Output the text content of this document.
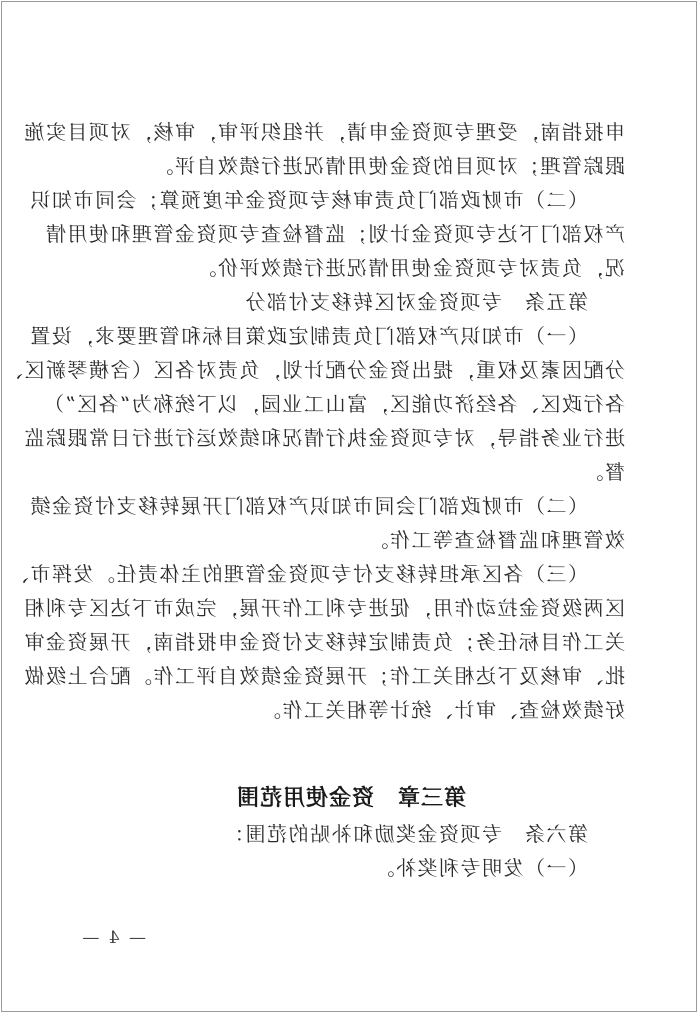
申报指南，受理专项资金申请，并组织评审，审核，对项目实施
跟踪管理；对项目的资金使用情况进行绩效自评。
（二）市财政部门负责审核专项资金年度预算；会同市知识
产权部门下达专项资金计划；监督检查专项资金管理和使用情
况，负责对专项资金使用情况进行绩效评价。
第五条　专项资金对区转移支付部分
（一）市知识产权部门负责制定政策目标和管理要求，设置
分配因素及权重，提出资金分配计划，负责对各区（含横琴新区、
各行政区、各经济功能区，富山工业园，以下统称为“各区”）
进行业务指导，对专项资金执行情况和绩效运行进行日常跟踪监
督。
（二）市财政部门会同市知识产权部门开展转移支付资金绩
效管理和监督检查等工作。
（三）各区承担转移支付专项资金管理的主体责任。发挥市、
区两级资金拉动作用，促进专利工作开展，完成市下达区专利相
关工作目标任务；负责制定转移支付资金申报指南，开展资金审
批、审核及下达相关工作；开展资金绩效自评工作。配合上级做
好绩效检查、审计、统计等相关工作。
第三章　资金使用范围
第六条　专项资金奖励和补贴的范围：
（一）发明专利奖补。
— 4 —
